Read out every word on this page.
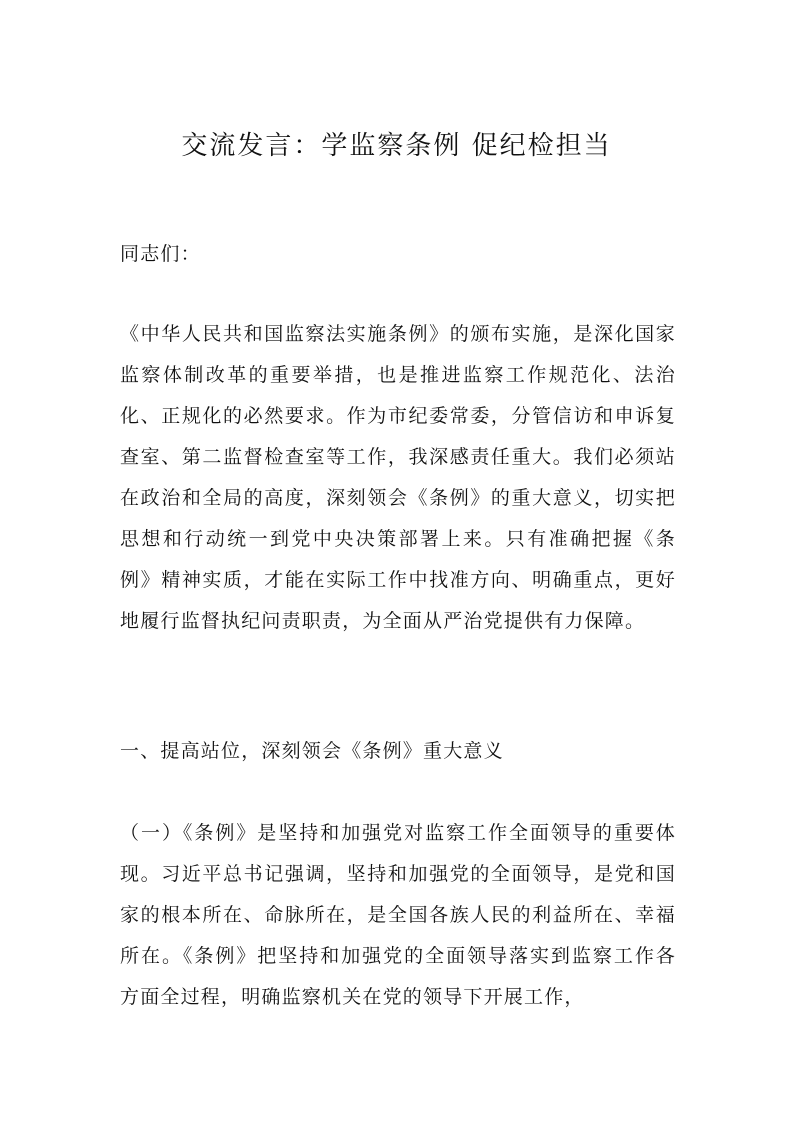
交流发言：学监察条例 促纪检担当

同志们：

《中华人民共和国监察法实施条例》的颁布实施，是深化国家监察体制改革的重要举措，也是推进监察工作规范化、法治化、正规化的必然要求。作为市纪委常委，分管信访和申诉复查室、第二监督检查室等工作，我深感责任重大。我们必须站在政治和全局的高度，深刻领会《条例》的重大意义，切实把思想和行动统一到党中央决策部署上来。只有准确把握《条例》精神实质，才能在实际工作中找准方向、明确重点，更好地履行监督执纪问责职责，为全面从严治党提供有力保障。

一、提高站位，深刻领会《条例》重大意义

（一）《条例》是坚持和加强党对监察工作全面领导的重要体现。习近平总书记强调，坚持和加强党的全面领导，是党和国家的根本所在、命脉所在，是全国各族人民的利益所在、幸福所在。《条例》把坚持和加强党的全面领导落实到监察工作各方面全过程，明确监察机关在党的领导下开展工作，
